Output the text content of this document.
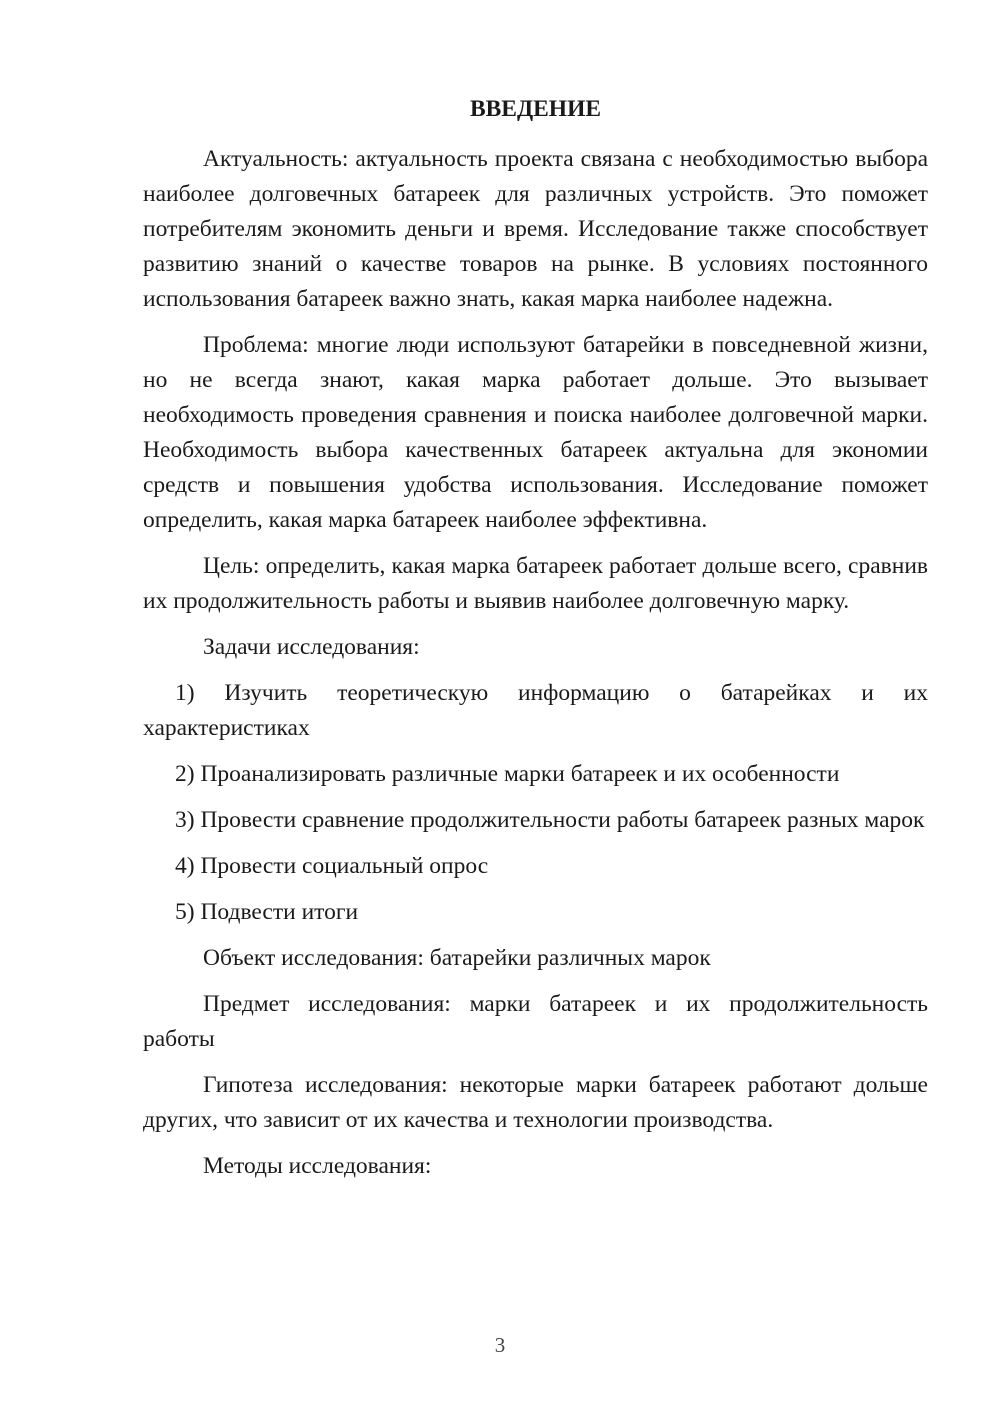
ВВЕДЕНИЕ

Актуальность: актуальность проекта связана с необходимостью выбора наиболее долговечных батареек для различных устройств. Это поможет потребителям экономить деньги и время. Исследование также способствует развитию знаний о качестве товаров на рынке. В условиях постоянного использования батареек важно знать, какая марка наиболее надежна.

Проблема: многие люди используют батарейки в повседневной жизни, но не всегда знают, какая марка работает дольше. Это вызывает необходимость проведения сравнения и поиска наиболее долговечной марки. Необходимость выбора качественных батареек актуальна для экономии средств и повышения удобства использования. Исследование поможет определить, какая марка батареек наиболее эффективна.

Цель: определить, какая марка батареек работает дольше всего, сравнив их продолжительность работы и выявив наиболее долговечную марку.

Задачи исследования:

1) Изучить теоретическую информацию о батарейках и их характеристиках

2) Проанализировать различные марки батареек и их особенности

3) Провести сравнение продолжительности работы батареек разных марок

4) Провести социальный опрос

5) Подвести итоги

Объект исследования: батарейки различных марок

Предмет исследования: марки батареек и их продолжительность работы

Гипотеза исследования: некоторые марки батареек работают дольше других, что зависит от их качества и технологии производства.

Методы исследования:

3
